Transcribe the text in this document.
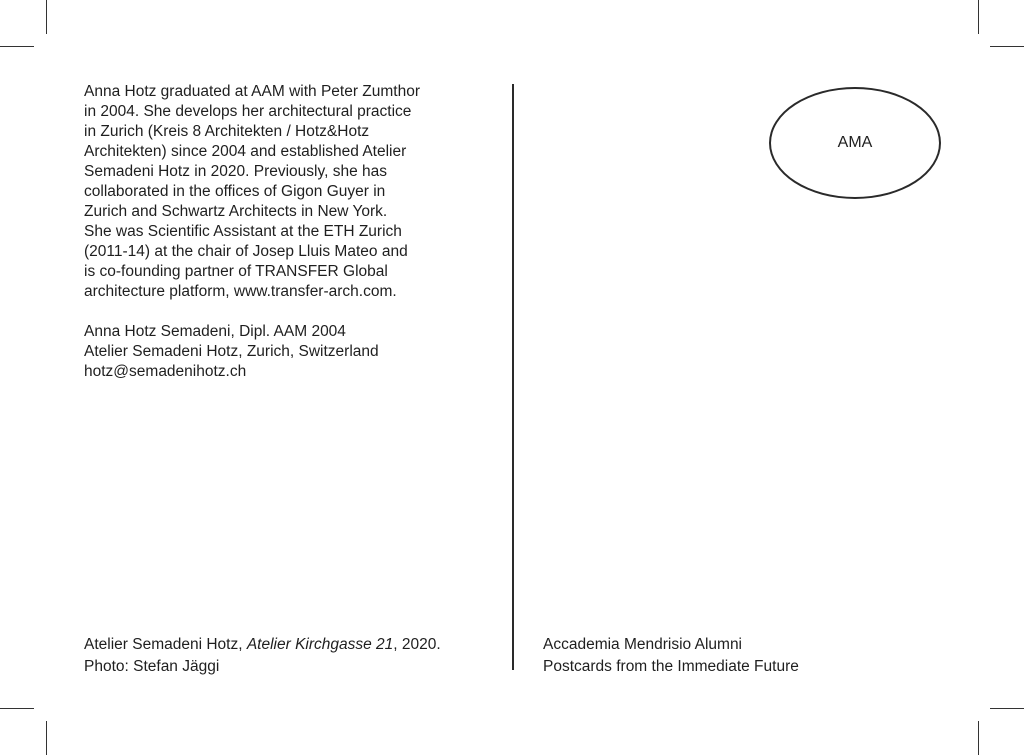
Anna Hotz graduated at AAM with Peter Zumthor
in 2004. She develops her architectural practice
in Zurich (Kreis 8 Architekten / Hotz&Hotz
Architekten) since 2004 and established Atelier
Semadeni Hotz in 2020. Previously, she has
collaborated in the offices of Gigon Guyer in
Zurich and Schwartz Architects in New York.
She was Scientific Assistant at the ETH Zurich
(2011-14) at the chair of Josep Lluis Mateo and
is co-founding partner of TRANSFER Global
architecture platform, www.transfer-arch.com.
Anna Hotz Semadeni, Dipl. AAM 2004
Atelier Semadeni Hotz, Zurich, Switzerland
hotz@semadenihotz.ch
Atelier Semadeni Hotz, Atelier Kirchgasse 21, 2020.
Photo: Stefan Jäggi
AMA
Accademia Mendrisio Alumni
Postcards from the Immediate Future
